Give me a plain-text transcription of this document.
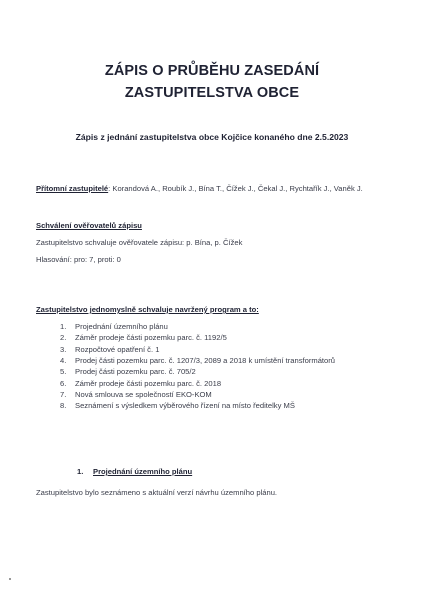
ZÁPIS O PRŮBĚHU ZASEDÁNÍ
ZASTUPITELSTVA OBCE
Zápis z jednání zastupitelstva obce Kojčice konaného dne 2.5.2023
Přítomní zastupitelé: Korandová A., Roubík J., Bína T., Čížek J., Čekal J., Rychtařík J., Vaněk J.
Schválení ověřovatelů zápisu
Zastupitelstvo schvaluje ověřovatele zápisu: p. Bína, p. Čížek
Hlasování: pro: 7, proti: 0
Zastupitelstvo jednomyslně schvaluje navržený program a to:
1. Projednání územního plánu
2. Záměr prodeje části pozemku parc. č. 1192/5
3. Rozpočtové opatření č. 1
4. Prodej části pozemku parc. č. 1207/3, 2089 a 2018 k umístění transformátorů
5. Prodej části pozemku parc. č. 705/2
6. Záměr prodeje části pozemku parc. č. 2018
7. Nová smlouva se společností EKO-KOM
8. Seznámení s výsledkem výběrového řízení na místo ředitelky MŠ
1. Projednání územního plánu
Zastupitelstvo bylo seznámeno s aktuální verzí návrhu územního plánu.
